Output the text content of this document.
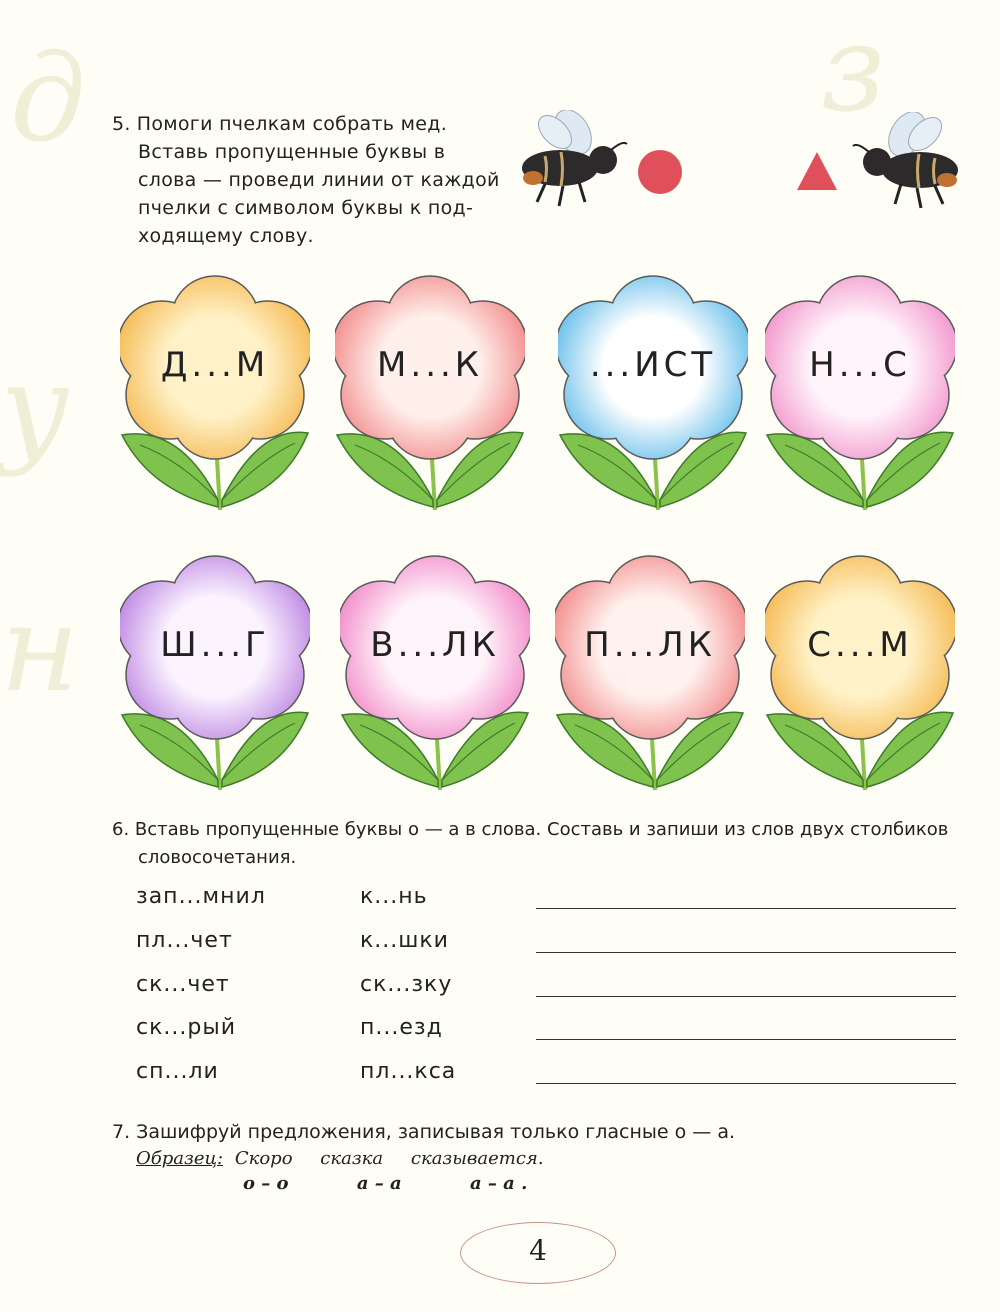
д
у
н
з
5. Помоги пчелкам собрать мед.
Вставь пропущенные буквы в
слова — проведи линии от каждой
пчелки с символом буквы к под-
ходящему слову.
Д...М	М...К	...ИСТ	Н...С
Ш...Г	В...ЛК	П...ЛК	С...М
6. Вставь пропущенные буквы о — а в слова. Составь и запиши из слов двух столбиков
словосочетания.
зап...мнил	к...нь
пл...чет	к...шки
ск...чет	ск...зку
ск...рый	п...езд
сп...ли	пл...кса
7. Зашифруй предложения, записывая только гласные о — а.
Образец: Скоро сказка сказывается.
о – о	а – а	а – а .
4
